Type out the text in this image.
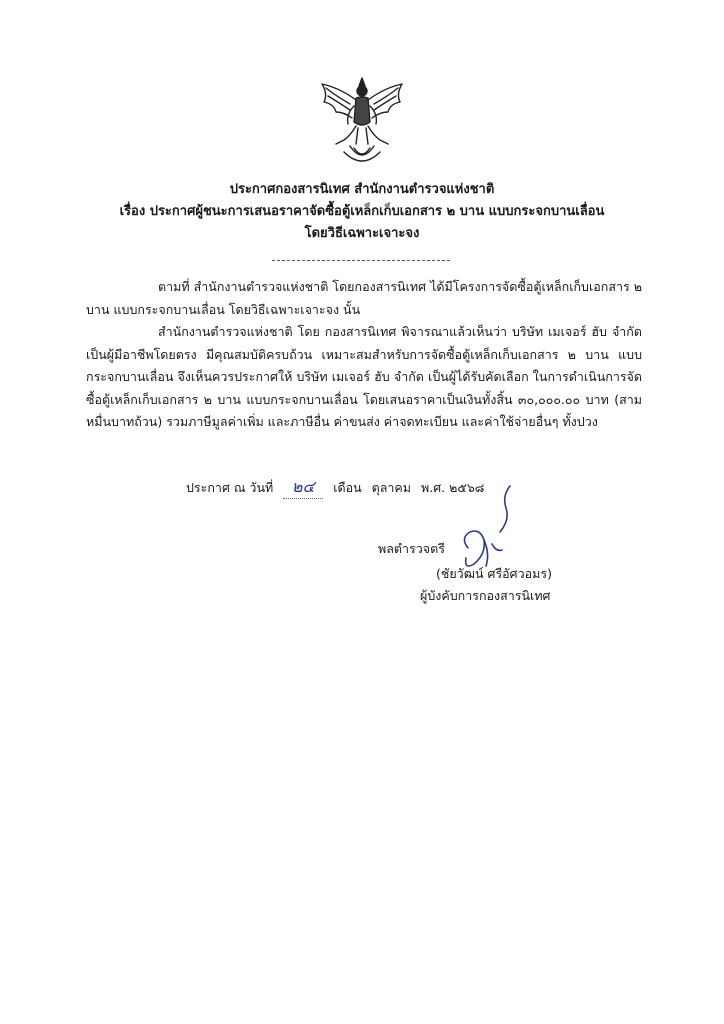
ประกาศกองสารนิเทศ สำนักงานตำรวจแห่งชาติ
เรื่อง ประกาศผู้ชนะการเสนอราคาจัดซื้อตู้เหล็กเก็บเอกสาร ๒ บาน แบบกระจกบานเลื่อน
โดยวิธีเฉพาะเจาะจง

ตามที่ สำนักงานตำรวจแห่งชาติ โดยกองสารนิเทศ ได้มีโครงการจัดซื้อตู้เหล็กเก็บเอกสาร ๒ บาน แบบกระจกบานเลื่อน โดยวิธีเฉพาะเจาะจง นั้น

สำนักงานตำรวจแห่งชาติ โดย กองสารนิเทศ พิจารณาแล้วเห็นว่า บริษัท เมเจอร์ ฮับ จำกัด เป็นผู้มีอาชีพโดยตรง มีคุณสมบัติครบถ้วน เหมาะสมสำหรับการจัดซื้อตู้เหล็กเก็บเอกสาร ๒ บาน แบบกระจกบานเลื่อน จึงเห็นควรประกาศให้ บริษัท เมเจอร์ ฮับ จำกัด เป็นผู้ได้รับคัดเลือก ในการดำเนินการจัดซื้อตู้เหล็กเก็บเอกสาร ๒ บาน แบบกระจกบานเลื่อน โดยเสนอราคาเป็นเงินทั้งสิ้น ๓๐,๐๐๐.๐๐ บาท (สามหมื่นบาทถ้วน) รวมภาษีมูลค่าเพิ่ม และภาษีอื่น ค่าขนส่ง ค่าจดทะเบียน และค่าใช้จ่ายอื่นๆ ทั้งปวง

ประกาศ ณ วันที่ ๒๔ เดือน ตุลาคม พ.ศ. ๒๕๖๘
พลตำรวจตรี
(ชัยวัฒน์ ศรีอัศวอมร)
ผู้บังคับการกองสารนิเทศ
